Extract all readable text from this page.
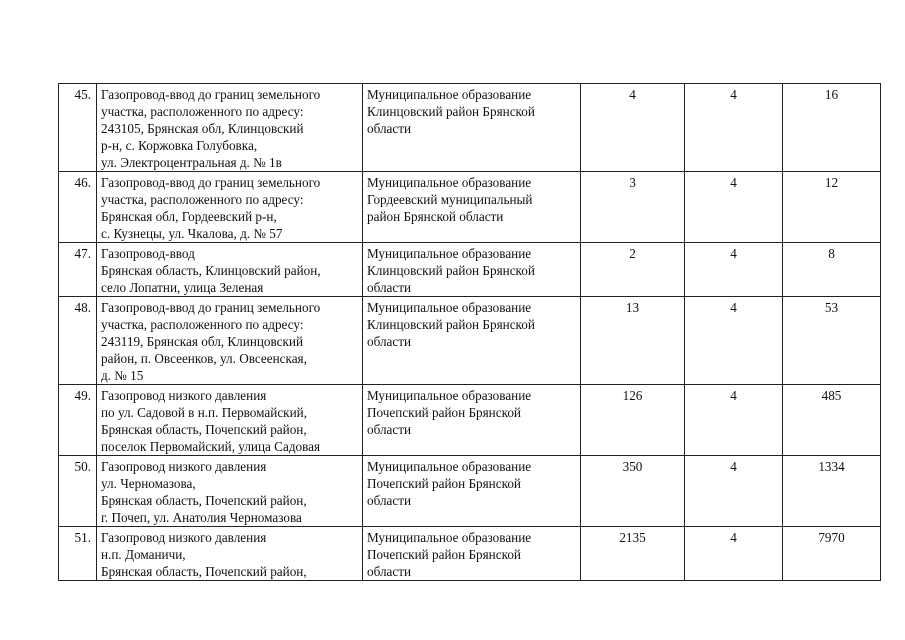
45.	Газопровод-ввод до границ земельного
участка, расположенного по адресу:
243105, Брянская обл, Клинцовский
р-н, с. Коржовка Голубовка,
ул. Электроцентральная д. № 1в	Муниципальное образование
Клинцовский район Брянской
области	4	4	16
46.	Газопровод-ввод до границ земельного
участка, расположенного по адресу:
Брянская обл, Гордеевский р-н,
с. Кузнецы, ул. Чкалова, д. № 57	Муниципальное образование
Гордеевский муниципальный
район Брянской области	3	4	12
47.	Газопровод-ввод
Брянская область, Клинцовский район,
село Лопатни, улица Зеленая	Муниципальное образование
Клинцовский район Брянской
области	2	4	8
48.	Газопровод-ввод до границ земельного
участка, расположенного по адресу:
243119, Брянская обл, Клинцовский
район, п. Овсеенков, ул. Овсеенская,
д. № 15	Муниципальное образование
Клинцовский район Брянской
области	13	4	53
49.	Газопровод низкого давления
по ул. Садовой в н.п. Первомайский,
Брянская область, Почепский район,
поселок Первомайский, улица Садовая	Муниципальное образование
Почепский район Брянской
области	126	4	485
50.	Газопровод низкого давления
ул. Черномазова,
Брянская область, Почепский район,
г. Почеп, ул. Анатолия Черномазова	Муниципальное образование
Почепский район Брянской
области	350	4	1334
51.	Газопровод низкого давления
н.п. Доманичи,
Брянская область, Почепский район,	Муниципальное образование
Почепский район Брянской
области	2135	4	7970
